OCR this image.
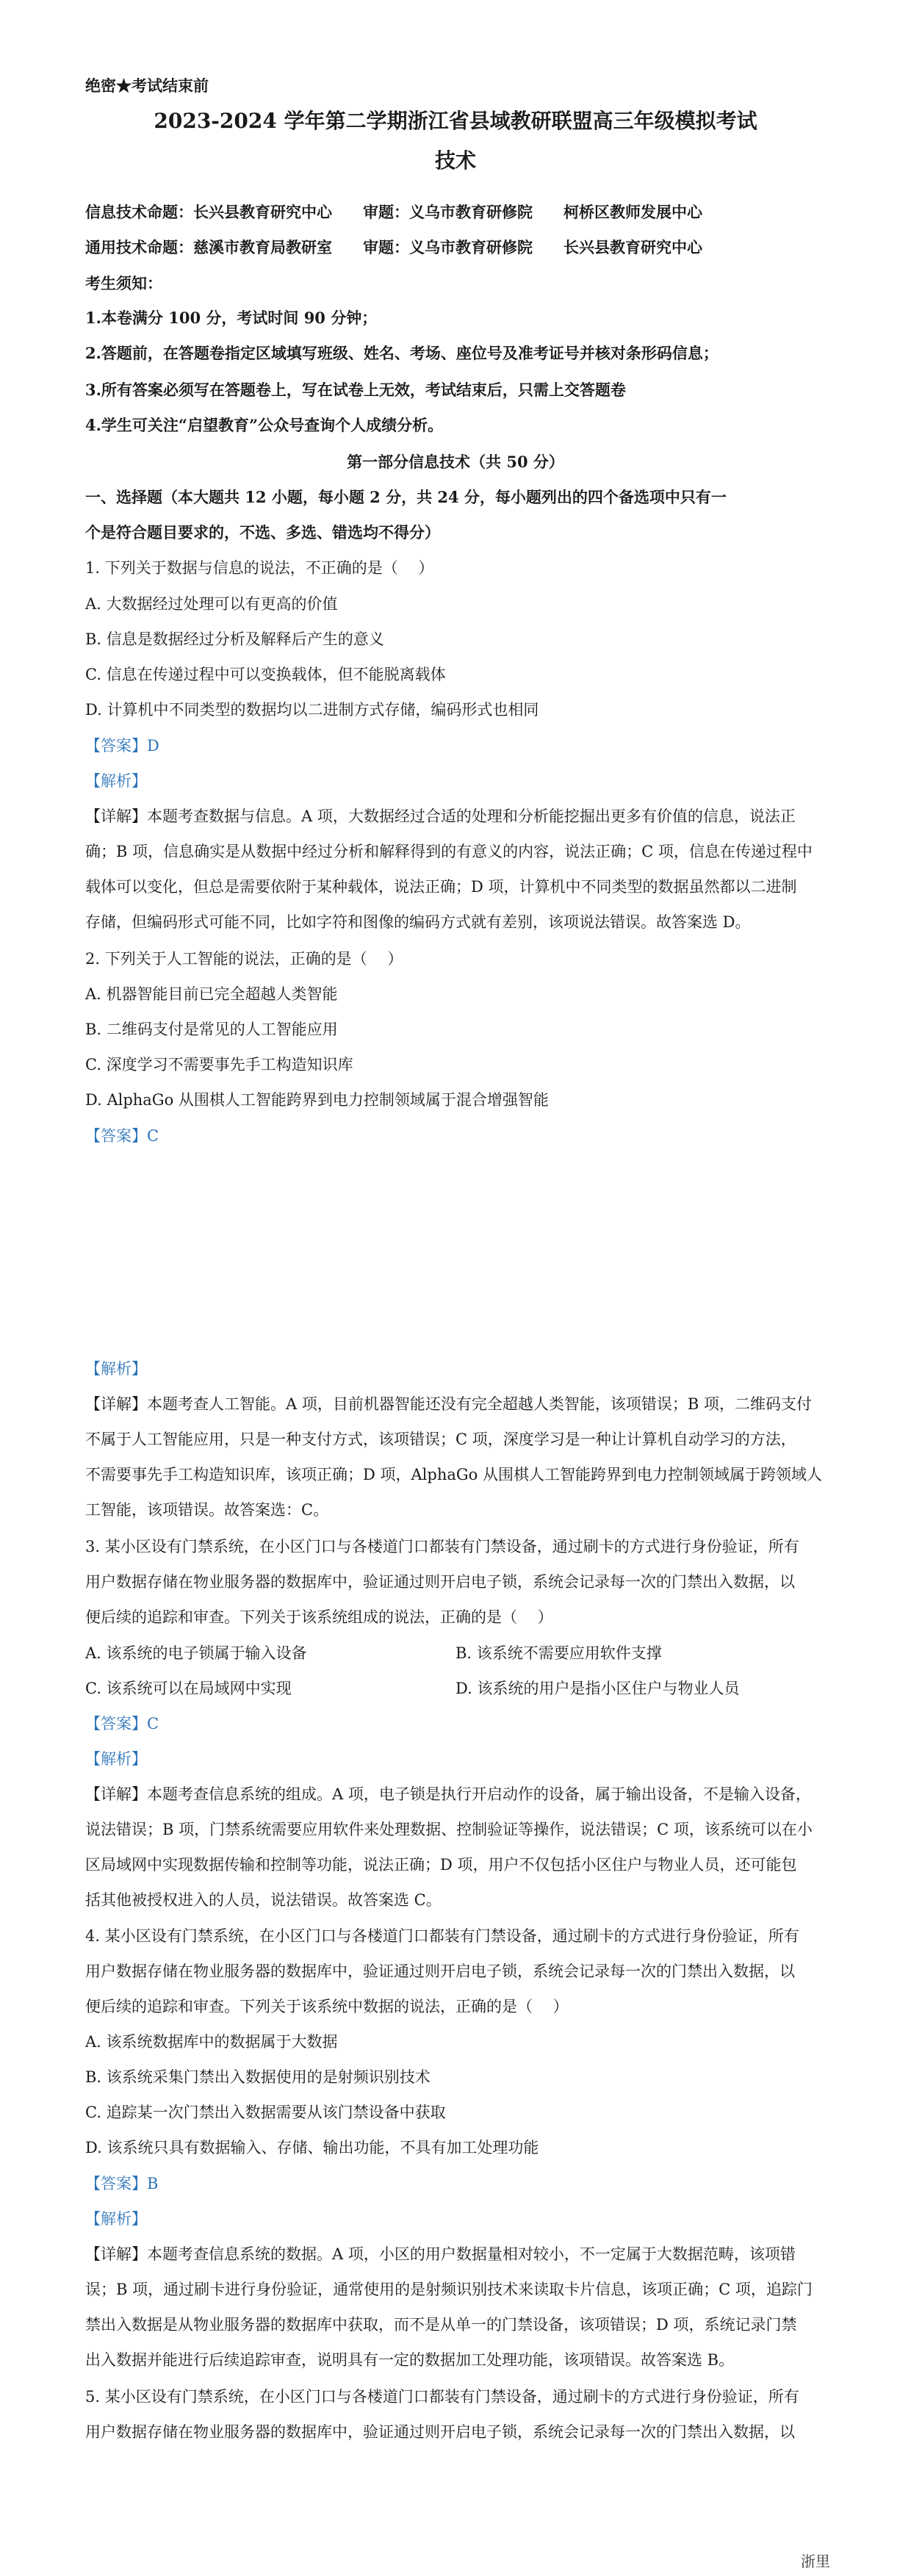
绝密★考试结束前
2023-2024 学年第二学期浙江省县域教研联盟高三年级模拟考试
技术
信息技术命题：长兴县教育研究中心　　审题：义乌市教育研修院　　柯桥区教师发展中心
通用技术命题：慈溪市教育局教研室　　审题：义乌市教育研修院　　长兴县教育研究中心
考生须知：
1.本卷满分 100 分，考试时间 90 分钟；
2.答题前，在答题卷指定区域填写班级、姓名、考场、座位号及准考证号并核对条形码信息；
3.所有答案必须写在答题卷上，写在试卷上无效，考试结束后，只需上交答题卷
4.学生可关注“启望教育”公众号查询个人成绩分析。
第一部分信息技术（共 50 分）
一、选择题（本大题共 12 小题，每小题 2 分，共 24 分，每小题列出的四个备选项中只有一
个是符合题目要求的，不选、多选、错选均不得分）
1. 下列关于数据与信息的说法，不正确的是（　 ）
A. 大数据经过处理可以有更高的价值
B. 信息是数据经过分析及解释后产生的意义
C. 信息在传递过程中可以变换载体，但不能脱离载体
D. 计算机中不同类型的数据均以二进制方式存储，编码形式也相同
【答案】D
【解析】
【详解】本题考查数据与信息。A 项，大数据经过合适的处理和分析能挖掘出更多有价值的信息，说法正
确；B 项，信息确实是从数据中经过分析和解释得到的有意义的内容，说法正确；C 项，信息在传递过程中
载体可以变化，但总是需要依附于某种载体，说法正确；D 项，计算机中不同类型的数据虽然都以二进制
存储，但编码形式可能不同，比如字符和图像的编码方式就有差别，该项说法错误。故答案选 D。
2. 下列关于人工智能的说法，正确的是（　 ）
A. 机器智能目前已完全超越人类智能
B. 二维码支付是常见的人工智能应用
C. 深度学习不需要事先手工构造知识库
D. AlphaGo 从围棋人工智能跨界到电力控制领域属于混合增强智能
【答案】C
【解析】
【详解】本题考查人工智能。A 项，目前机器智能还没有完全超越人类智能，该项错误；B 项，二维码支付
不属于人工智能应用，只是一种支付方式，该项错误；C 项，深度学习是一种让计算机自动学习的方法，
不需要事先手工构造知识库，该项正确；D 项，AlphaGo 从围棋人工智能跨界到电力控制领域属于跨领域人
工智能，该项错误。故答案选：C。
3. 某小区设有门禁系统，在小区门口与各楼道门口都装有门禁设备，通过刷卡的方式进行身份验证，所有
用户数据存储在物业服务器的数据库中，验证通过则开启电子锁，系统会记录每一次的门禁出入数据，以
便后续的追踪和审查。下列关于该系统组成的说法，正确的是（　 ）
A. 该系统的电子锁属于输入设备	B. 该系统不需要应用软件支撑
C. 该系统可以在局域网中实现	D. 该系统的用户是指小区住户与物业人员
【答案】C
【解析】
【详解】本题考查信息系统的组成。A 项，电子锁是执行开启动作的设备，属于输出设备，不是输入设备，
说法错误；B 项，门禁系统需要应用软件来处理数据、控制验证等操作，说法错误；C 项，该系统可以在小
区局域网中实现数据传输和控制等功能，说法正确；D 项，用户不仅包括小区住户与物业人员，还可能包
括其他被授权进入的人员，说法错误。故答案选 C。
4. 某小区设有门禁系统，在小区门口与各楼道门口都装有门禁设备，通过刷卡的方式进行身份验证，所有
用户数据存储在物业服务器的数据库中，验证通过则开启电子锁，系统会记录每一次的门禁出入数据，以
便后续的追踪和审查。下列关于该系统中数据的说法，正确的是（　 ）
A. 该系统数据库中的数据属于大数据
B. 该系统采集门禁出入数据使用的是射频识别技术
C. 追踪某一次门禁出入数据需要从该门禁设备中获取
D. 该系统只具有数据输入、存储、输出功能，不具有加工处理功能
【答案】B
【解析】
【详解】本题考查信息系统的数据。A 项，小区的用户数据量相对较小，不一定属于大数据范畴，该项错
误；B 项，通过刷卡进行身份验证，通常使用的是射频识别技术来读取卡片信息，该项正确；C 项，追踪门
禁出入数据是从物业服务器的数据库中获取，而不是从单一的门禁设备，该项错误；D 项，系统记录门禁
出入数据并能进行后续追踪审查，说明具有一定的数据加工处理功能，该项错误。故答案选 B。
5. 某小区设有门禁系统，在小区门口与各楼道门口都装有门禁设备，通过刷卡的方式进行身份验证，所有
用户数据存储在物业服务器的数据库中，验证通过则开启电子锁，系统会记录每一次的门禁出入数据，以
浙里
